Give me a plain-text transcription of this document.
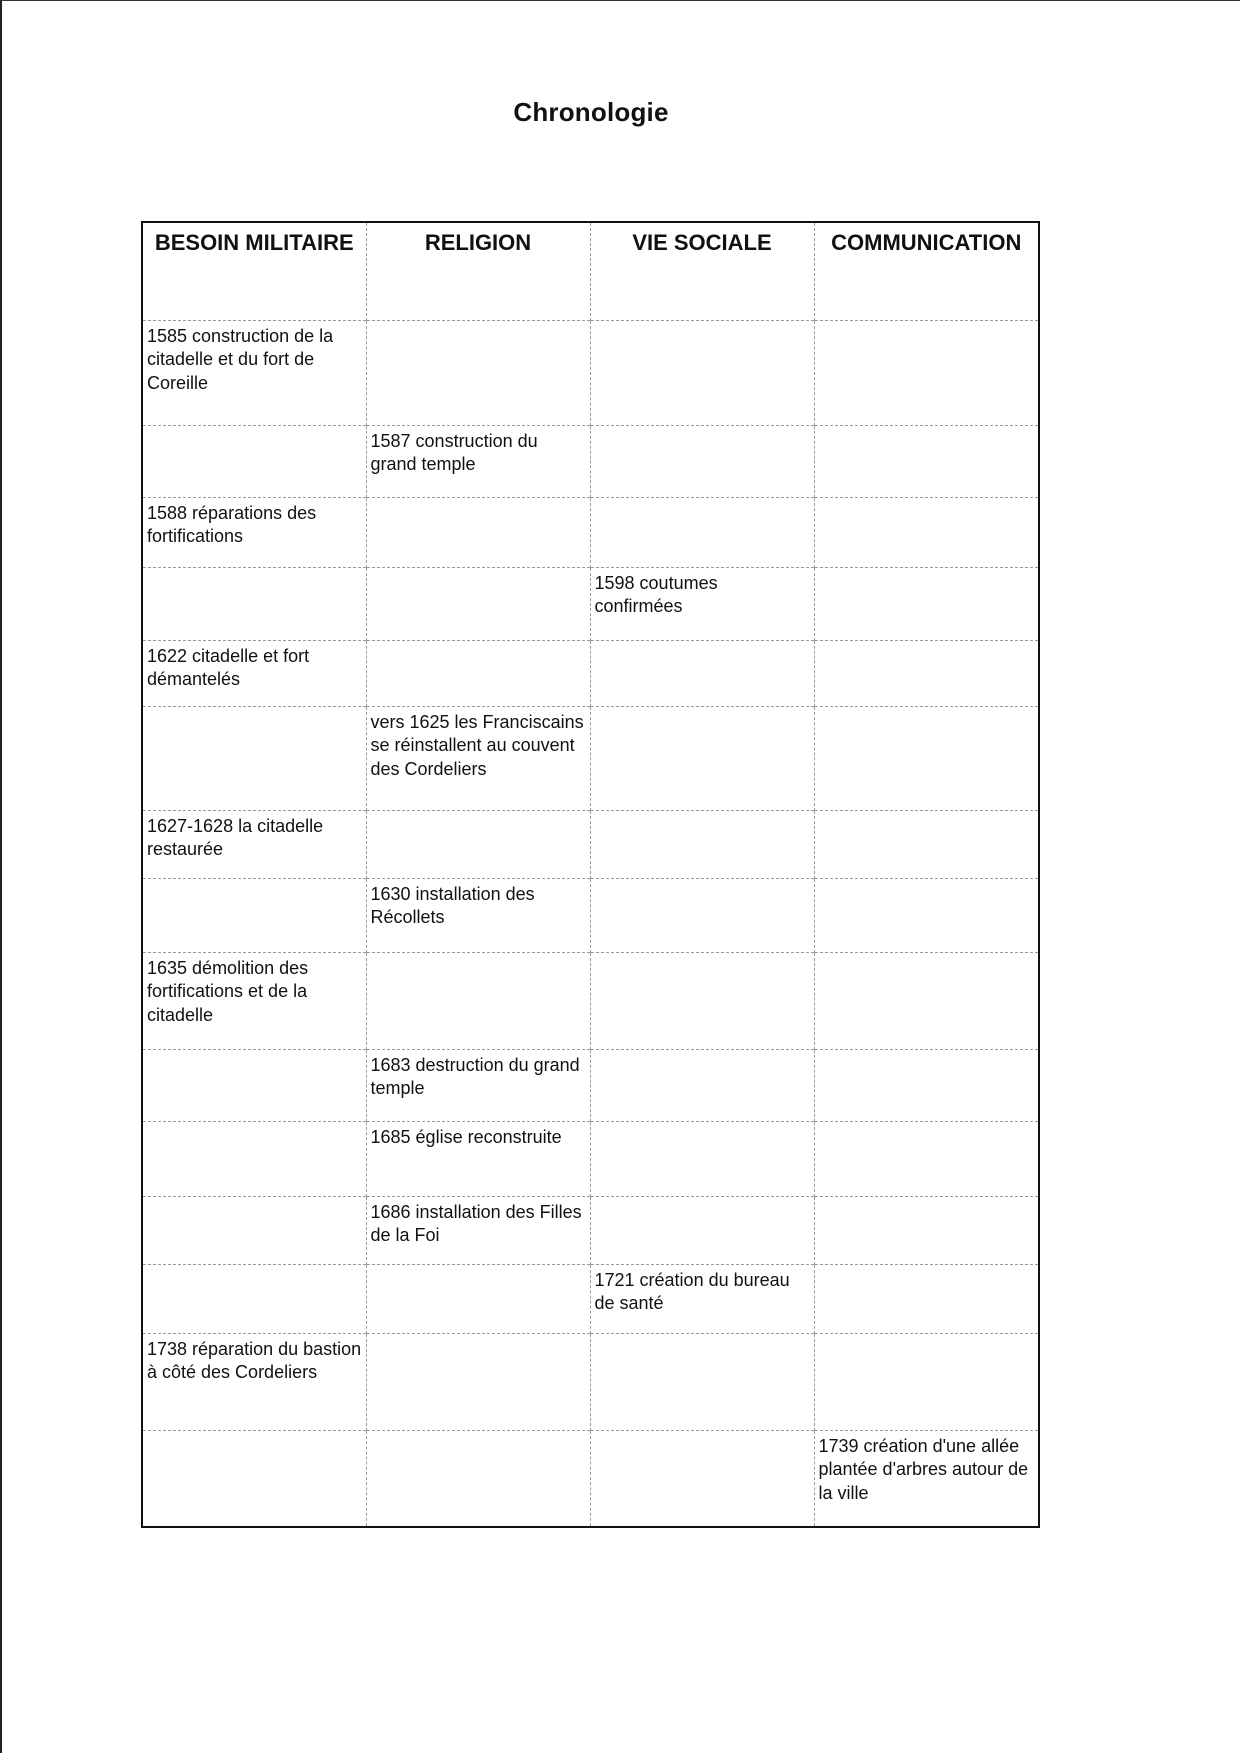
Chronologie
BESOIN MILITAIRE	RELIGION	VIE SOCIALE	COMMUNICATION
1585 construction de la citadelle et du fort de Coreille			
	1587 construction du grand temple		
1588 réparations des fortifications			
		1598 coutumes confirmées	
1622 citadelle et fort démantelés			
	vers 1625 les Franciscains se réinstallent au couvent des Cordeliers		
1627-1628 la citadelle restaurée			
	1630 installation des Récollets		
1635 démolition des fortifications et de la citadelle			
	1683 destruction du grand temple		
	1685 église reconstruite		
	1686 installation des Filles de la Foi		
		1721 création du bureau de santé	
1738 réparation du bastion à côté des Cordeliers			
			1739 création d'une allée plantée d'arbres autour de la ville
